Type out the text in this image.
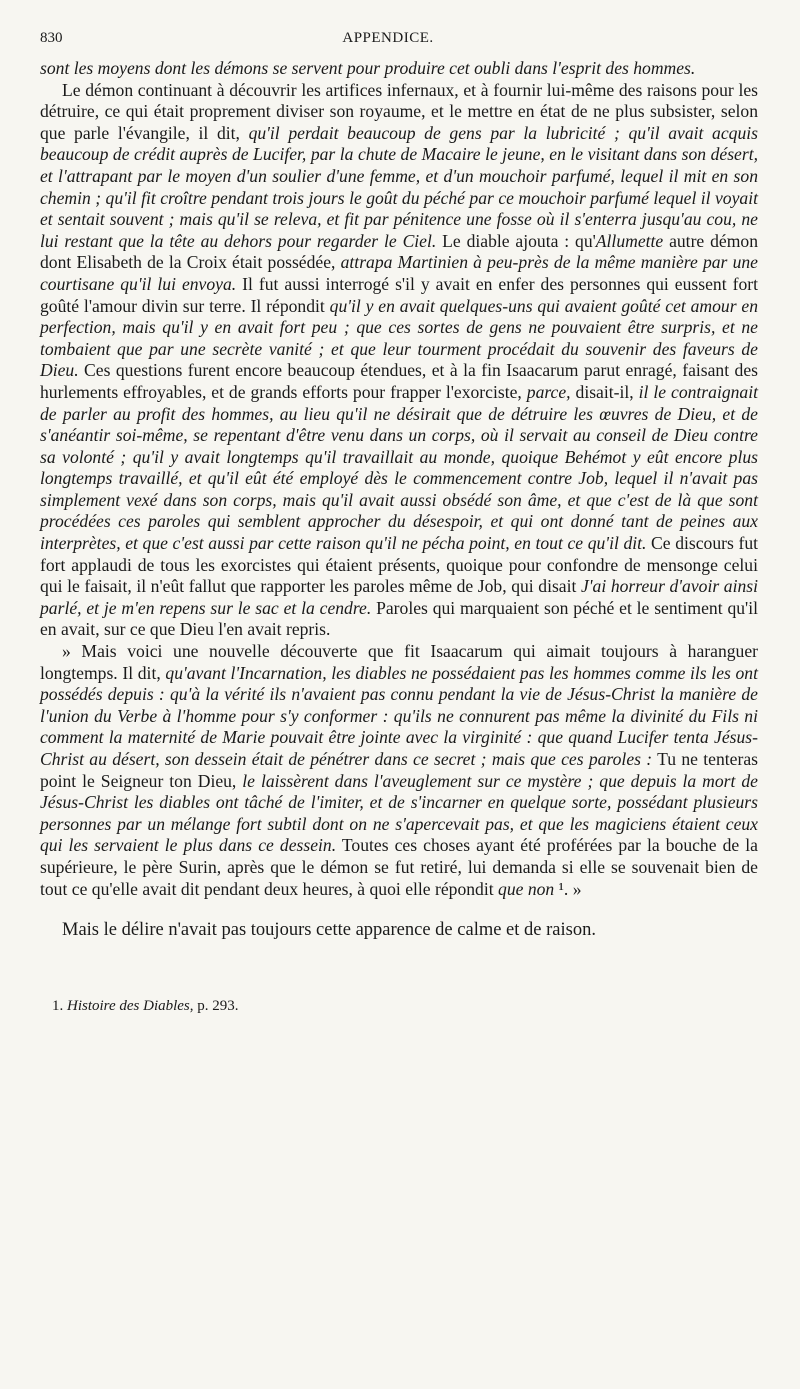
830	APPENDICE.

sont les moyens dont les démons se servent pour produire cet oubli dans l'esprit des hommes.

Le démon continuant à découvrir les artifices infernaux, et à fournir lui-même des raisons pour les détruire, ce qui était proprement diviser son royaume, et le mettre en état de ne plus subsister, selon que parle l'évangile, il dit, qu'il perdait beaucoup de gens par la lubricité ; qu'il avait acquis beaucoup de crédit auprès de Lucifer, par la chute de Macaire le jeune, en le visitant dans son désert, et l'attrapant par le moyen d'un soulier d'une femme, et d'un mouchoir parfumé, lequel il mit en son chemin ; qu'il fit croître pendant trois jours le goût du péché par ce mouchoir parfumé lequel il voyait et sentait souvent ; mais qu'il se releva, et fit par pénitence une fosse où il s'enterra jusqu'au cou, ne lui restant que la tête au dehors pour regarder le Ciel. Le diable ajouta : qu'Allumette autre démon dont Elisabeth de la Croix était possédée, attrapa Martinien à peu-près de la même manière par une courtisane qu'il lui envoya. Il fut aussi interrogé s'il y avait en enfer des personnes qui eussent fort goûté l'amour divin sur terre. Il répondit qu'il y en avait quelques-uns qui avaient goûté cet amour en perfection, mais qu'il y en avait fort peu ; que ces sortes de gens ne pouvaient être surpris, et ne tombaient que par une secrète vanité ; et que leur tourment procédait du souvenir des faveurs de Dieu. Ces questions furent encore beaucoup étendues, et à la fin Isaacarum parut enragé, faisant des hurlements effroyables, et de grands efforts pour frapper l'exorciste, parce, disait-il, il le contraignait de parler au profit des hommes, au lieu qu'il ne désirait que de détruire les œuvres de Dieu, et de s'anéantir soi-même, se repentant d'être venu dans un corps, où il servait au conseil de Dieu contre sa volonté ; qu'il y avait longtemps qu'il travaillait au monde, quoique Behémot y eût encore plus longtemps travaillé, et qu'il eût été employé dès le commencement contre Job, lequel il n'avait pas simplement vexé dans son corps, mais qu'il avait aussi obsédé son âme, et que c'est de là que sont procédées ces paroles qui semblent approcher du désespoir, et qui ont donné tant de peines aux interprètes, et que c'est aussi par cette raison qu'il ne pécha point, en tout ce qu'il dit. Ce discours fut fort applaudi de tous les exorcistes qui étaient présents, quoique pour confondre de mensonge celui qui le faisait, il n'eût fallut que rapporter les paroles même de Job, qui disait J'ai horreur d'avoir ainsi parlé, et je m'en repens sur le sac et la cendre. Paroles qui marquaient son péché et le sentiment qu'il en avait, sur ce que Dieu l'en avait repris.

» Mais voici une nouvelle découverte que fit Isaacarum qui aimait toujours à haranguer longtemps. Il dit, qu'avant l'Incarnation, les diables ne possédaient pas les hommes comme ils les ont possédés depuis : qu'à la vérité ils n'avaient pas connu pendant la vie de Jésus-Christ la manière de l'union du Verbe à l'homme pour s'y conformer : qu'ils ne connurent pas même la divinité du Fils ni comment la maternité de Marie pouvait être jointe avec la virginité : que quand Lucifer tenta Jésus-Christ au désert, son dessein était de pénétrer dans ce secret ; mais que ces paroles : Tu ne tenteras point le Seigneur ton Dieu, le laissèrent dans l'aveuglement sur ce mystère ; que depuis la mort de Jésus-Christ les diables ont tâché de l'imiter, et de s'incarner en quelque sorte, possédant plusieurs personnes par un mélange fort subtil dont on ne s'apercevait pas, et que les magiciens étaient ceux qui les servaient le plus dans ce dessein. Toutes ces choses ayant été proférées par la bouche de la supérieure, le père Surin, après que le démon se fut retiré, lui demanda si elle se souvenait bien de tout ce qu'elle avait dit pendant deux heures, à quoi elle répondit que non ¹. »

Mais le délire n'avait pas toujours cette apparence de calme et de raison.

1. Histoire des Diables, p. 293.
